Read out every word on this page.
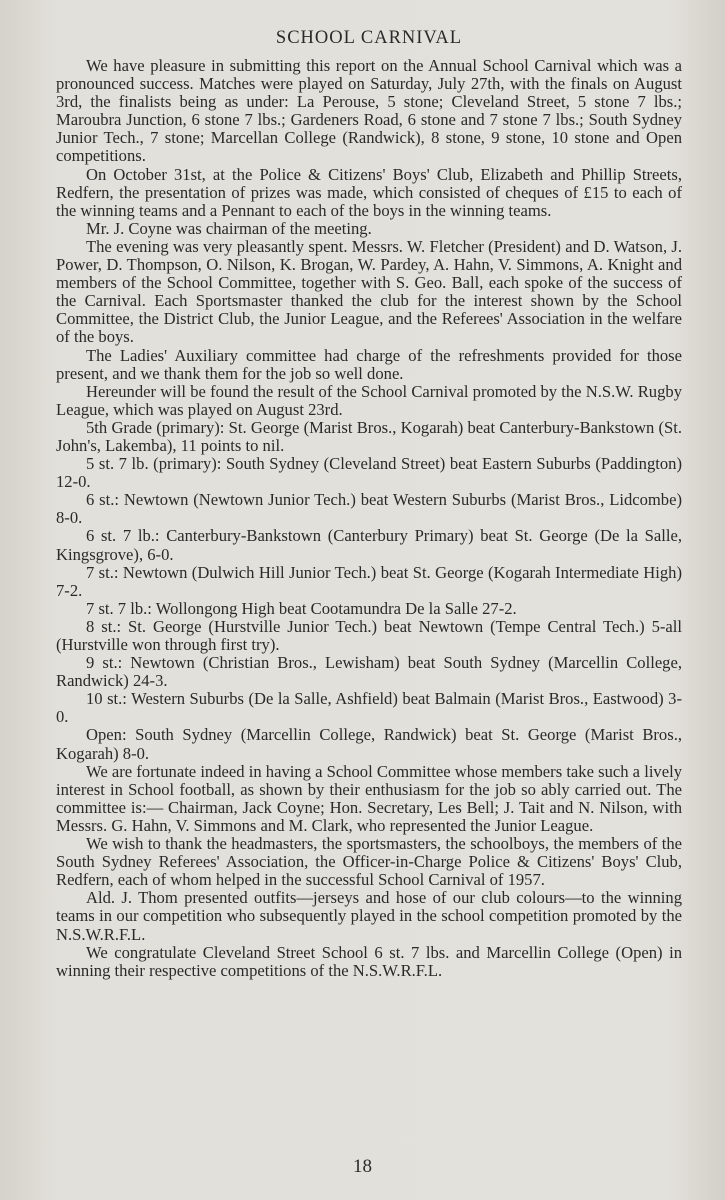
SCHOOL CARNIVAL

We have pleasure in submitting this report on the Annual School Carnival which was a pronounced success. Matches were played on Saturday, July 27th, with the finals on August 3rd, the finalists being as under: La Perouse, 5 stone; Cleveland Street, 5 stone 7 lbs.; Maroubra Junction, 6 stone 7 lbs.; Gardeners Road, 6 stone and 7 stone 7 lbs.; South Sydney Junior Tech., 7 stone; Marcellan College (Randwick), 8 stone, 9 stone, 10 stone and Open competitions.

On October 31st, at the Police & Citizens' Boys' Club, Elizabeth and Phillip Streets, Redfern, the presentation of prizes was made, which consisted of cheques of £15 to each of the winning teams and a Pennant to each of the boys in the winning teams.

Mr. J. Coyne was chairman of the meeting.

The evening was very pleasantly spent. Messrs. W. Fletcher (President) and D. Watson, J. Power, D. Thompson, O. Nilson, K. Brogan, W. Pardey, A. Hahn, V. Simmons, A. Knight and members of the School Committee, together with S. Geo. Ball, each spoke of the success of the Carnival. Each Sportsmaster thanked the club for the interest shown by the School Committee, the District Club, the Junior League, and the Referees' Association in the welfare of the boys.

The Ladies' Auxiliary committee had charge of the refreshments provided for those present, and we thank them for the job so well done.

Hereunder will be found the result of the School Carnival promoted by the N.S.W. Rugby League, which was played on August 23rd.

5th Grade (primary): St. George (Marist Bros., Kogarah) beat Canterbury-Bankstown (St. John's, Lakemba), 11 points to nil.

5 st. 7 lb. (primary): South Sydney (Cleveland Street) beat Eastern Suburbs (Paddington) 12-0.

6 st.: Newtown (Newtown Junior Tech.) beat Western Suburbs (Marist Bros., Lidcombe) 8-0.

6 st. 7 lb.: Canterbury-Bankstown (Canterbury Primary) beat St. George (De la Salle, Kingsgrove), 6-0.

7 st.: Newtown (Dulwich Hill Junior Tech.) beat St. George (Kogarah Intermediate High) 7-2.

7 st. 7 lb.: Wollongong High beat Cootamundra De la Salle 27-2.

8 st.: St. George (Hurstville Junior Tech.) beat Newtown (Tempe Central Tech.) 5-all (Hurstville won through first try).

9 st.: Newtown (Christian Bros., Lewisham) beat South Sydney (Marcellin College, Randwick) 24-3.

10 st.: Western Suburbs (De la Salle, Ashfield) beat Balmain (Marist Bros., Eastwood) 3-0.

Open: South Sydney (Marcellin College, Randwick) beat St. George (Marist Bros., Kogarah) 8-0.

We are fortunate indeed in having a School Committee whose members take such a lively interest in School football, as shown by their enthusiasm for the job so ably carried out. The committee is:— Chairman, Jack Coyne; Hon. Secretary, Les Bell; J. Tait and N. Nilson, with Messrs. G. Hahn, V. Simmons and M. Clark, who represented the Junior League.

We wish to thank the headmasters, the sportsmasters, the schoolboys, the members of the South Sydney Referees' Association, the Officer-in-Charge Police & Citizens' Boys' Club, Redfern, each of whom helped in the successful School Carnival of 1957.

Ald. J. Thom presented outfits—jerseys and hose of our club colours—to the winning teams in our competition who subsequently played in the school competition promoted by the N.S.W.R.F.L.

We congratulate Cleveland Street School 6 st. 7 lbs. and Marcellin College (Open) in winning their respective competitions of the N.S.W.R.F.L.

18
